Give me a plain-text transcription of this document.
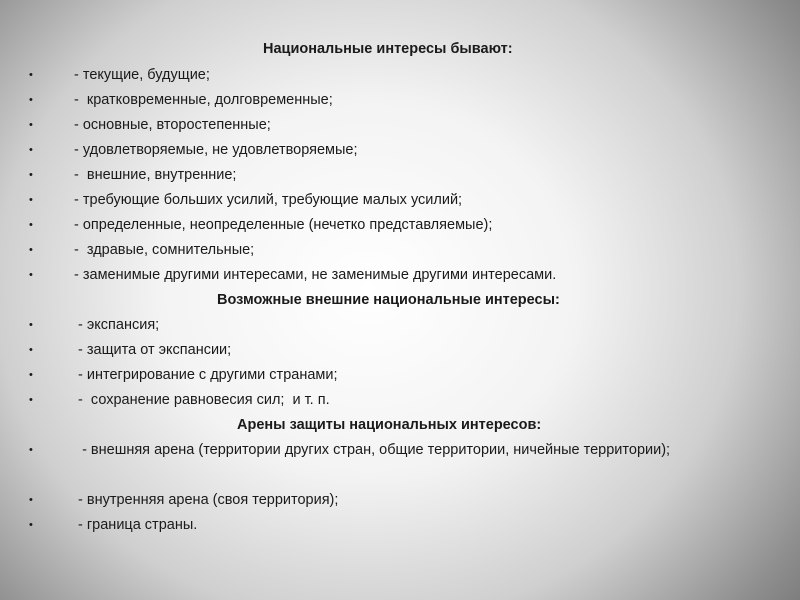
Национальные интересы бывают:
•	- текущие, будущие;
•	-  кратковременные, долговременные;
•	- основные, второстепенные;
•	- удовлетворяемые, не удовлетворяемые;
•	-  внешние, внутренние;
•	- требующие больших усилий, требующие малых усилий;
•	- определенные, неопределенные (нечетко представляемые);
•	-  здравые, сомнительные;
•	- заменимые другими интересами, не заменимые другими интересами.
Возможные внешние национальные интересы:
•	- экспансия;
•	- защита от экспансии;
•	- интегрирование с другими странами;
•	-  сохранение равновесия сил;  и т. п.
Арены защиты национальных интересов:
•	- внешняя арена (территории других стран, общие территории, ничейные территории);
•	- внутренняя арена (своя территория);
•	- граница страны.
